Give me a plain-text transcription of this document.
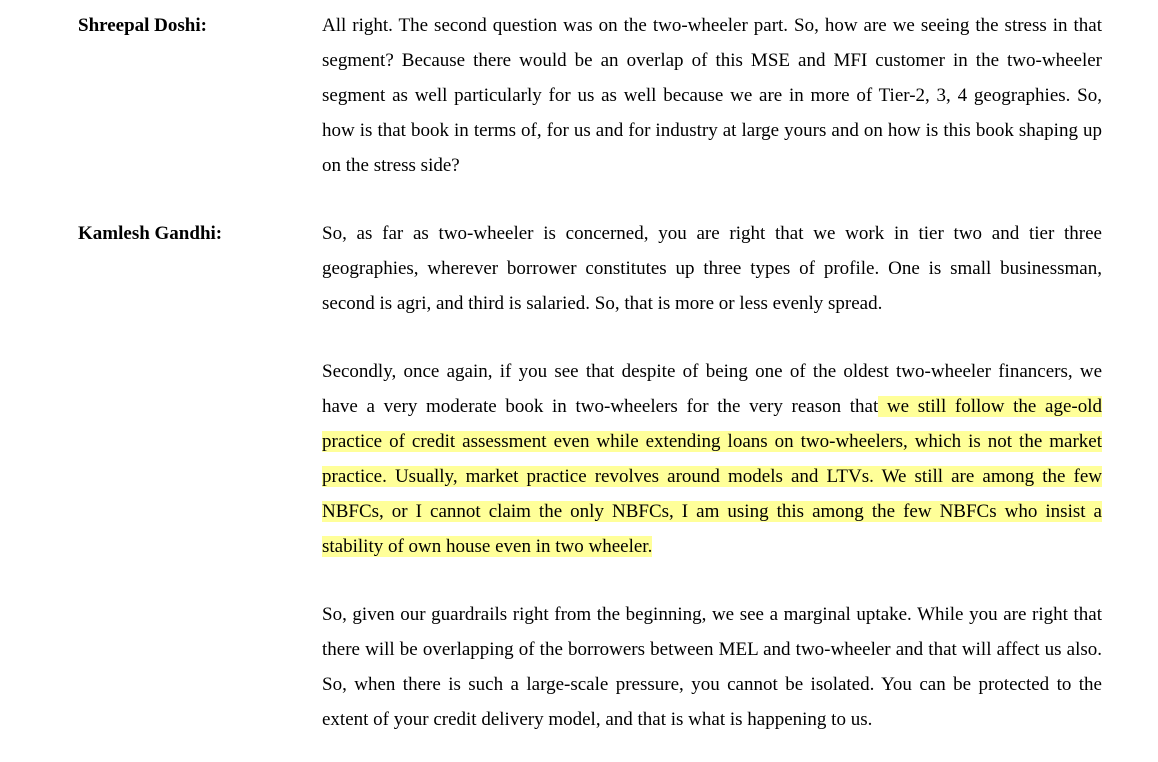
Shreepal Doshi:	All right. The second question was on the two-wheeler part. So, how are we seeing the stress in that segment? Because there would be an overlap of this MSE and MFI customer in the two-wheeler segment as well particularly for us as well because we are in more of Tier-2, 3, 4 geographies. So, how is that book in terms of, for us and for industry at large yours and on how is this book shaping up on the stress side?
Kamlesh Gandhi:	So, as far as two-wheeler is concerned, you are right that we work in tier two and tier three geographies, wherever borrower constitutes up three types of profile. One is small businessman, second is agri, and third is salaried. So, that is more or less evenly spread.
Secondly, once again, if you see that despite of being one of the oldest two-wheeler financers, we have a very moderate book in two-wheelers for the very reason that we still follow the age-old practice of credit assessment even while extending loans on two-wheelers, which is not the market practice. Usually, market practice revolves around models and LTVs. We still are among the few NBFCs, or I cannot claim the only NBFCs, I am using this among the few NBFCs who insist a stability of own house even in two wheeler.
So, given our guardrails right from the beginning, we see a marginal uptake. While you are right that there will be overlapping of the borrowers between MEL and two-wheeler and that will affect us also. So, when there is such a large-scale pressure, you cannot be isolated. You can be protected to the extent of your credit delivery model, and that is what is happening to us.
